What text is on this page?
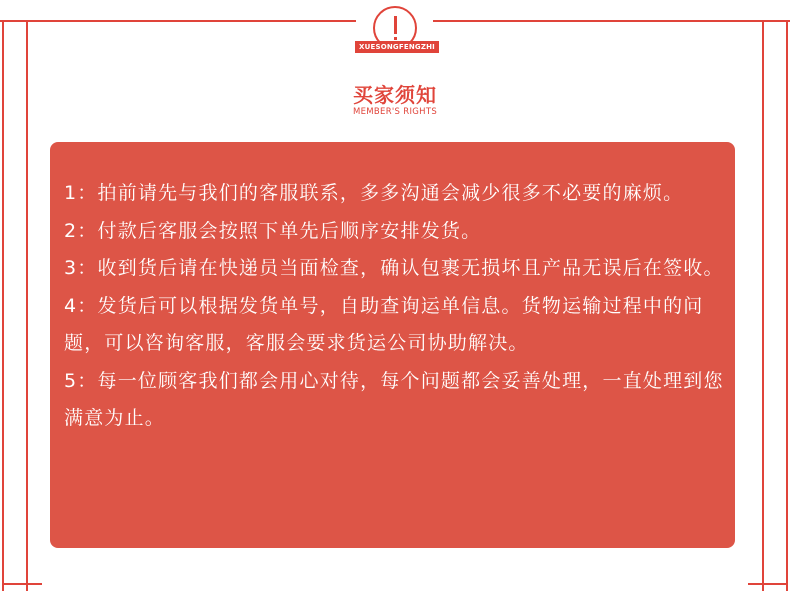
XUESONGFENGZHI
买家须知
MEMBER'S RIGHTS
1：拍前请先与我们的客服联系，多多沟通会减少很多不必要的麻烦。
2：付款后客服会按照下单先后顺序安排发货。
3：收到货后请在快递员当面检查，确认包裹无损坏且产品无误后在签收。
4：发货后可以根据发货单号，自助查询运单信息。货物运输过程中的问题，可以咨询客服，客服会要求货运公司协助解决。
5：每一位顾客我们都会用心对待，每个问题都会妥善处理，一直处理到您满意为止。
